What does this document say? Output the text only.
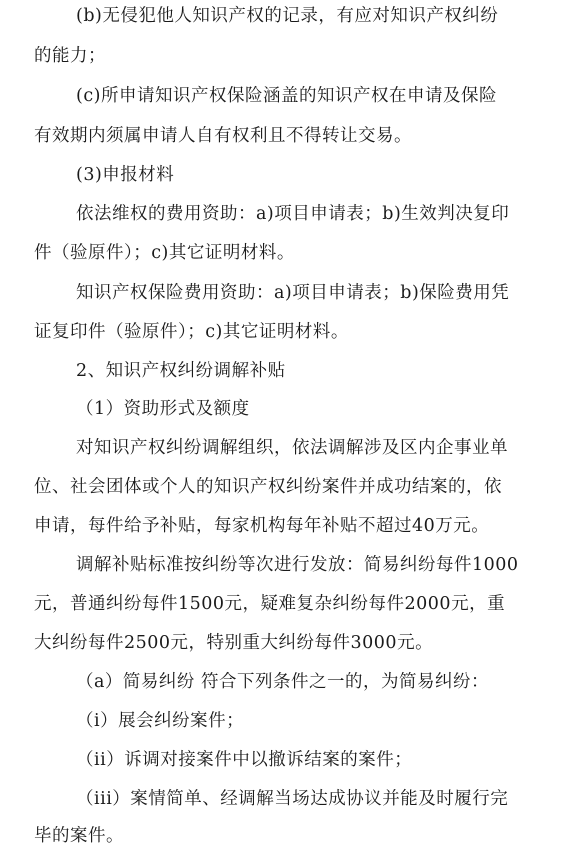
(b)无侵犯他人知识产权的记录，有应对知识产权纠纷
的能力；
(c)所申请知识产权保险涵盖的知识产权在申请及保险
有效期内须属申请人自有权利且不得转让交易。
(3)申报材料
依法维权的费用资助：a)项目申请表；b)生效判决复印
件（验原件）；c)其它证明材料。
知识产权保险费用资助：a)项目申请表；b)保险费用凭
证复印件（验原件）；c)其它证明材料。
2、知识产权纠纷调解补贴
（1）资助形式及额度
对知识产权纠纷调解组织，依法调解涉及区内企事业单
位、社会团体或个人的知识产权纠纷案件并成功结案的，依
申请，每件给予补贴，每家机构每年补贴不超过40万元。
调解补贴标准按纠纷等次进行发放：简易纠纷每件1000
元，普通纠纷每件1500元，疑难复杂纠纷每件2000元，重
大纠纷每件2500元，特别重大纠纷每件3000元。
（a）简易纠纷 符合下列条件之一的，为简易纠纷：
（i）展会纠纷案件；
（ii）诉调对接案件中以撤诉结案的案件；
（iii）案情简单、经调解当场达成协议并能及时履行完
毕的案件。
